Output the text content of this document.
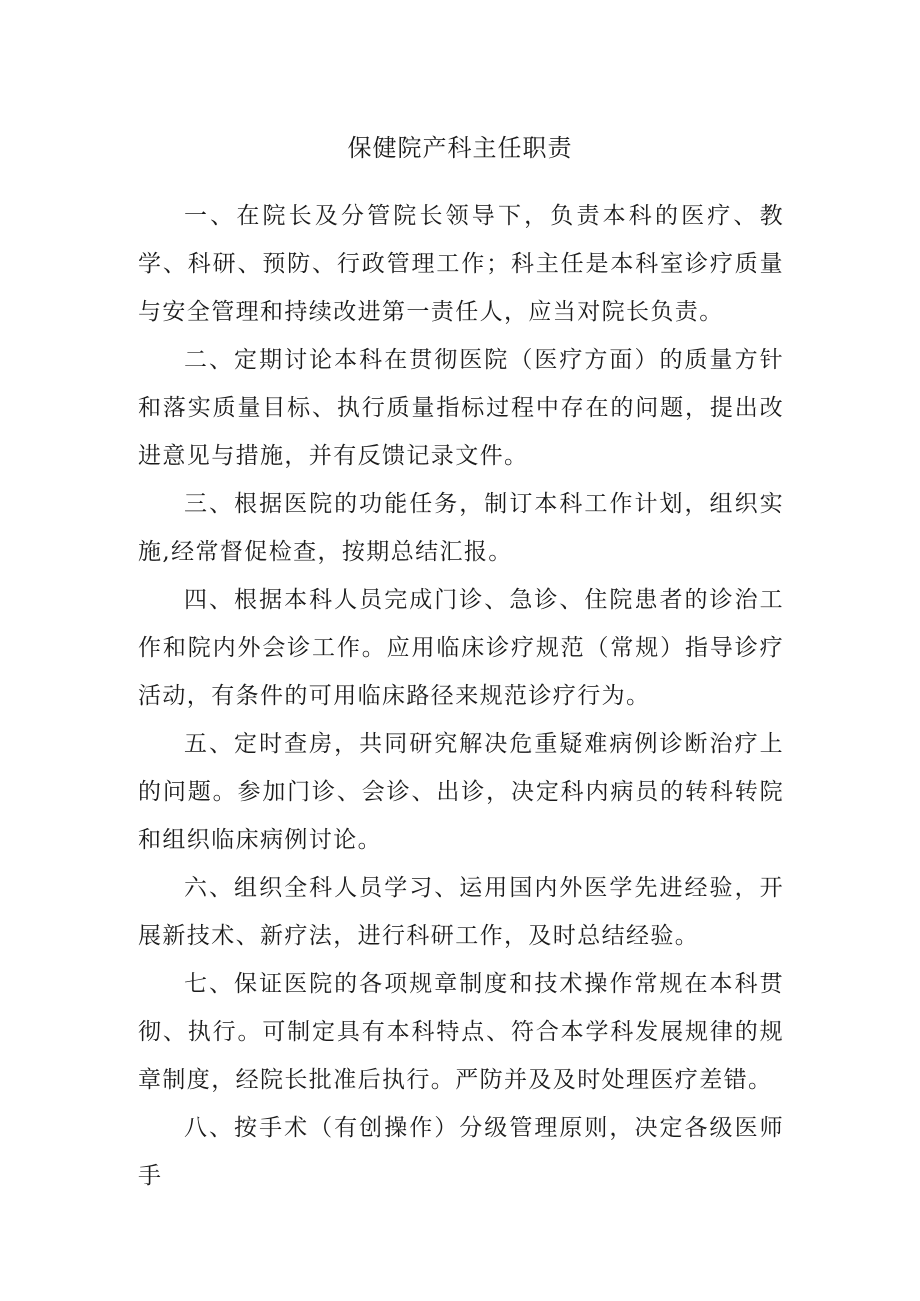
保健院产科主任职责

一、在院长及分管院长领导下，负责本科的医疗、教学、科研、预防、行政管理工作；科主任是本科室诊疗质量与安全管理和持续改进第一责任人，应当对院长负责。

二、定期讨论本科在贯彻医院（医疗方面）的质量方针和落实质量目标、执行质量指标过程中存在的问题，提出改进意见与措施，并有反馈记录文件。

三、根据医院的功能任务，制订本科工作计划，组织实施,经常督促检查，按期总结汇报。

四、根据本科人员完成门诊、急诊、住院患者的诊治工作和院内外会诊工作。应用临床诊疗规范（常规）指导诊疗活动，有条件的可用临床路径来规范诊疗行为。

五、定时查房，共同研究解决危重疑难病例诊断治疗上的问题。参加门诊、会诊、出诊，决定科内病员的转科转院和组织临床病例讨论。

六、组织全科人员学习、运用国内外医学先进经验，开展新技术、新疗法，进行科研工作，及时总结经验。

七、保证医院的各项规章制度和技术操作常规在本科贯彻、执行。可制定具有本科特点、符合本学科发展规律的规章制度，经院长批准后执行。严防并及及时处理医疗差错。

八、按手术（有创操作）分级管理原则，决定各级医师手
